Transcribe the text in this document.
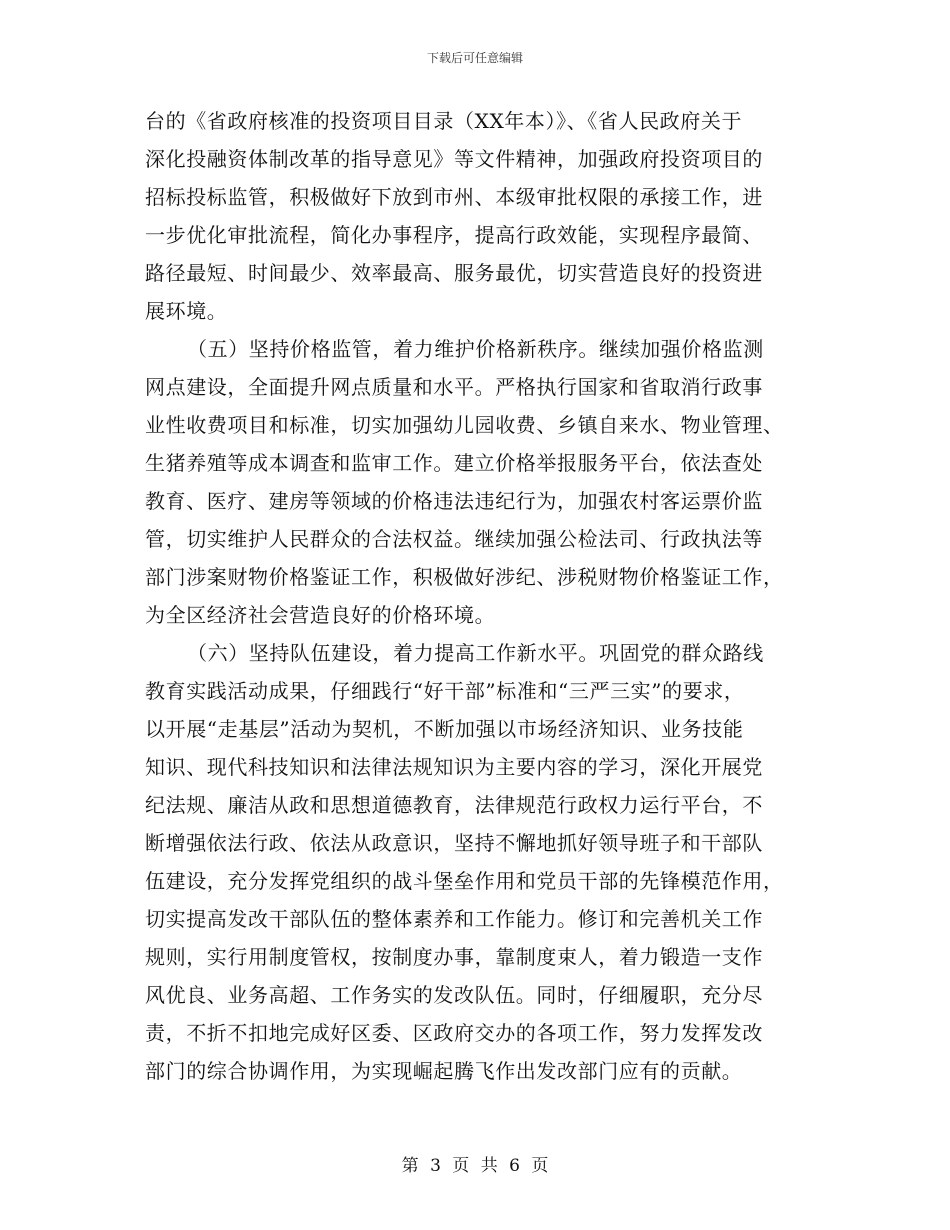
下载后可任意编辑
台的《省政府核准的投资项目目录（XX年本）》、《省人民政府关于
深化投融资体制改革的指导意见》等文件精神，加强政府投资项目的
招标投标监管，积极做好下放到市州、本级审批权限的承接工作，进
一步优化审批流程，简化办事程序，提高行政效能，实现程序最简、
路径最短、时间最少、效率最高、服务最优，切实营造良好的投资进
展环境。
（五）坚持价格监管，着力维护价格新秩序。继续加强价格监测
网点建设，全面提升网点质量和水平。严格执行国家和省取消行政事
业性收费项目和标准，切实加强幼儿园收费、乡镇自来水、物业管理、
生猪养殖等成本调查和监审工作。建立价格举报服务平台，依法查处
教育、医疗、建房等领域的价格违法违纪行为，加强农村客运票价监
管，切实维护人民群众的合法权益。继续加强公检法司、行政执法等
部门涉案财物价格鉴证工作，积极做好涉纪、涉税财物价格鉴证工作，
为全区经济社会营造良好的价格环境。
（六）坚持队伍建设，着力提高工作新水平。巩固党的群众路线
教育实践活动成果，仔细践行“好干部”标准和“三严三实”的要求，
以开展“走基层”活动为契机，不断加强以市场经济知识、业务技能
知识、现代科技知识和法律法规知识为主要内容的学习，深化开展党
纪法规、廉洁从政和思想道德教育，法律规范行政权力运行平台，不
断增强依法行政、依法从政意识，坚持不懈地抓好领导班子和干部队
伍建设，充分发挥党组织的战斗堡垒作用和党员干部的先锋模范作用，
切实提高发改干部队伍的整体素养和工作能力。修订和完善机关工作
规则，实行用制度管权，按制度办事，靠制度束人，着力锻造一支作
风优良、业务高超、工作务实的发改队伍。同时，仔细履职，充分尽
责，不折不扣地完成好区委、区政府交办的各项工作，努力发挥发改
部门的综合协调作用，为实现崛起腾飞作出发改部门应有的贡献。
第 3 页 共 6 页
